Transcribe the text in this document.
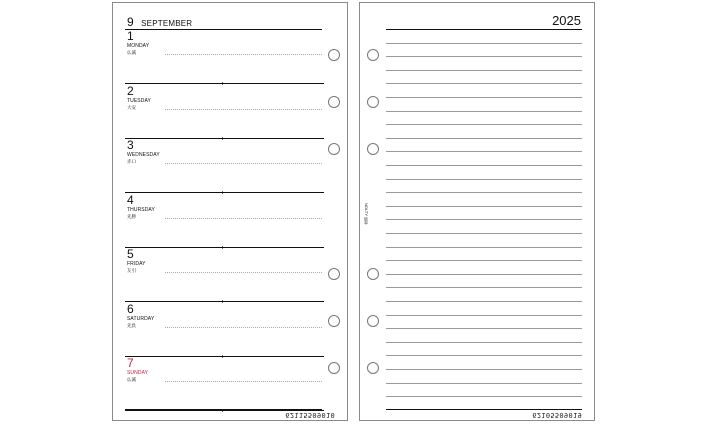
9 SEPTEMBER
1
MONDAY
仏滅
2
TUESDAY
大安
3
WEDNESDAY
赤口
4
THURSDAY
先勝
5
FRIDAY
友引
6
SATURDAY
先負
7
SUNDAY
仏滅
62115509010
2025
NOLTY 能率
62105509019
